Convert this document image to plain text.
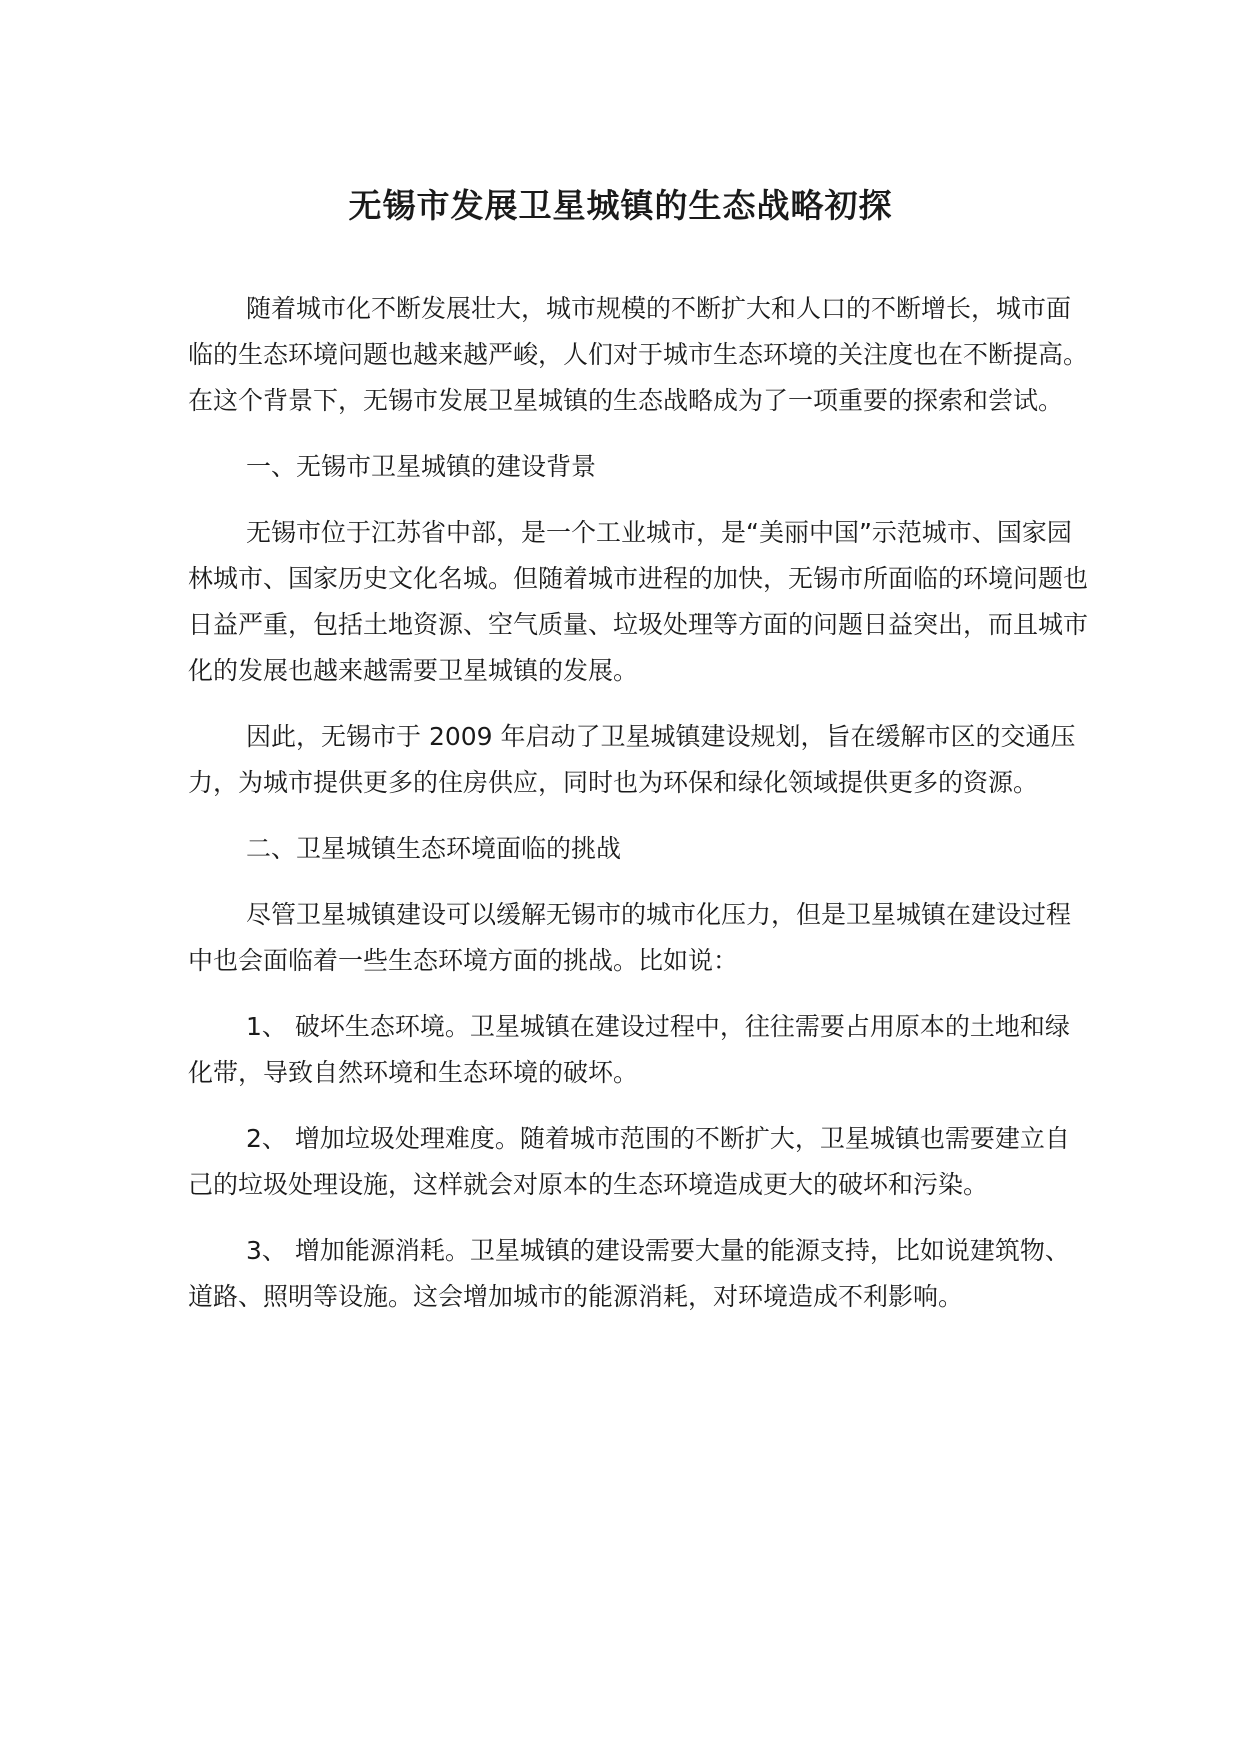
无锡市发展卫星城镇的生态战略初探

随着城市化不断发展壮大，城市规模的不断扩大和人口的不断增长，城市面临的生态环境问题也越来越严峻，人们对于城市生态环境的关注度也在不断提高。在这个背景下，无锡市发展卫星城镇的生态战略成为了一项重要的探索和尝试。

一、无锡市卫星城镇的建设背景

无锡市位于江苏省中部，是一个工业城市，是“美丽中国”示范城市、国家园林城市、国家历史文化名城。但随着城市进程的加快，无锡市所面临的环境问题也日益严重，包括土地资源、空气质量、垃圾处理等方面的问题日益突出，而且城市化的发展也越来越需要卫星城镇的发展。

因此，无锡市于 2009 年启动了卫星城镇建设规划，旨在缓解市区的交通压力，为城市提供更多的住房供应，同时也为环保和绿化领域提供更多的资源。

二、卫星城镇生态环境面临的挑战

尽管卫星城镇建设可以缓解无锡市的城市化压力，但是卫星城镇在建设过程中也会面临着一些生态环境方面的挑战。比如说：

1、 破坏生态环境。卫星城镇在建设过程中，往往需要占用原本的土地和绿化带，导致自然环境和生态环境的破坏。

2、 增加垃圾处理难度。随着城市范围的不断扩大，卫星城镇也需要建立自己的垃圾处理设施，这样就会对原本的生态环境造成更大的破坏和污染。

3、 增加能源消耗。卫星城镇的建设需要大量的能源支持，比如说建筑物、道路、照明等设施。这会增加城市的能源消耗，对环境造成不利影响。
